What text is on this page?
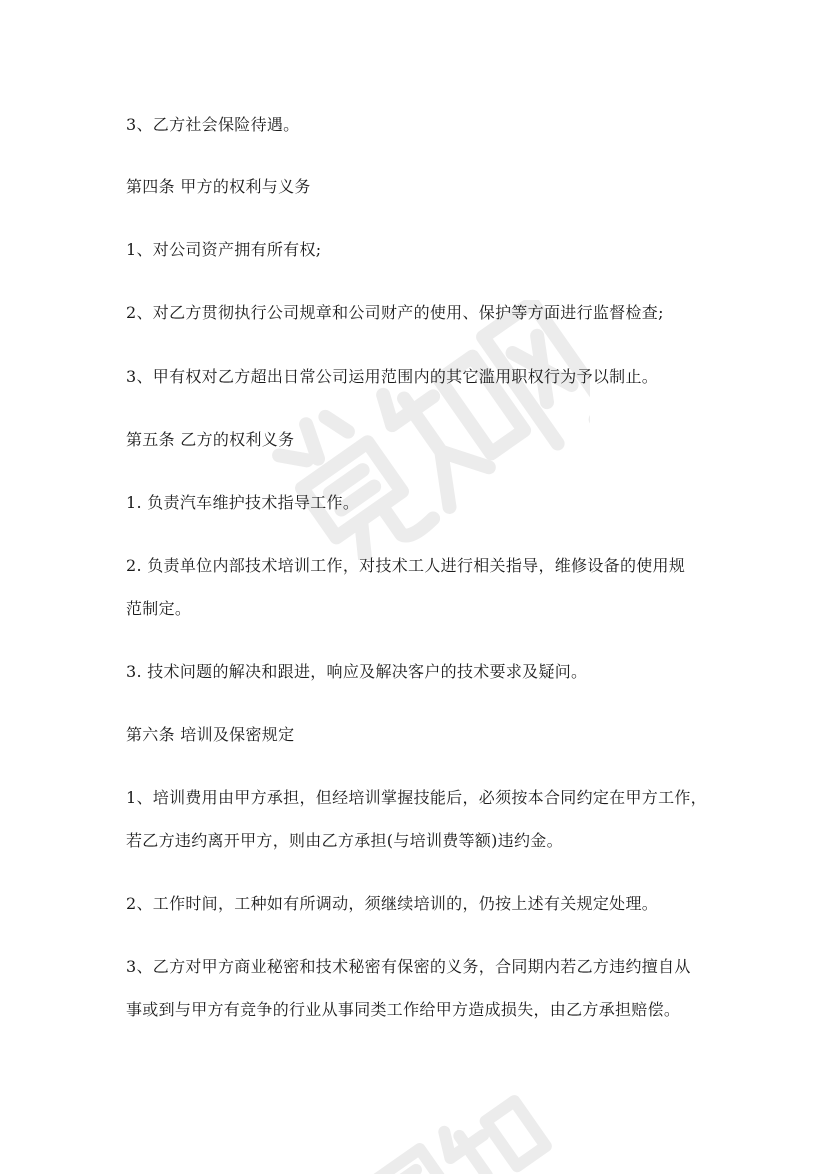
3、乙方社会保险待遇。
第四条 甲方的权利与义务
1、对公司资产拥有所有权;
2、对乙方贯彻执行公司规章和公司财产的使用、保护等方面进行监督检查;
3、甲有权对乙方超出日常公司运用范围内的其它滥用职权行为予以制止。
第五条 乙方的权利义务
1. 负责汽车维护技术指导工作。
2. 负责单位内部技术培训工作，对技术工人进行相关指导，维修设备的使用规
范制定。
3. 技术问题的解决和跟进，响应及解决客户的技术要求及疑问。
第六条 培训及保密规定
1、培训费用由甲方承担，但经培训掌握技能后，必须按本合同约定在甲方工作，
若乙方违约离开甲方，则由乙方承担(与培训费等额)违约金。
2、工作时间，工种如有所调动，须继续培训的，仍按上述有关规定处理。
3、乙方对甲方商业秘密和技术秘密有保密的义务，合同期内若乙方违约擅自从
事或到与甲方有竞争的行业从事同类工作给甲方造成损失，由乙方承担赔偿。
